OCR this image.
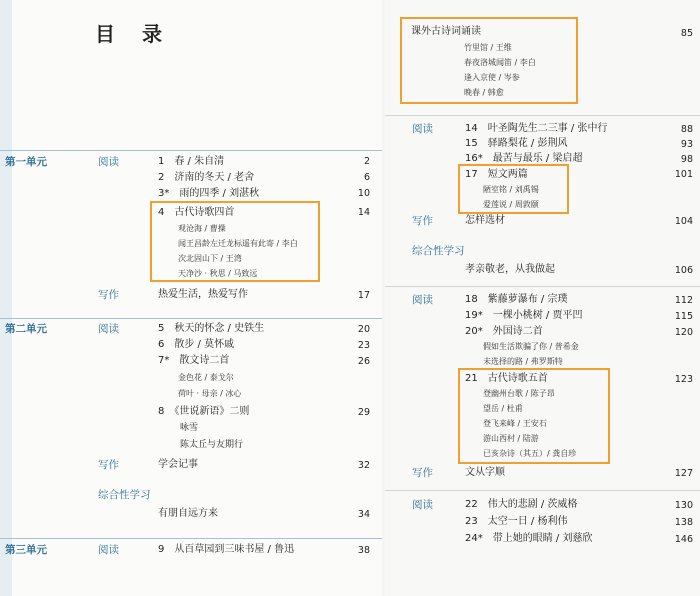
目 录
第一单元	阅读	1　春 / 朱自清	2
2　济南的冬天 / 老舍	6
3*　雨的四季 / 刘湛秋	10
4　古代诗歌四首	14
观沧海 / 曹操
闻王昌龄左迁龙标遥有此寄 / 李白
次北固山下 / 王湾
天净沙 · 秋思 / 马致远
写作	热爱生活，热爱写作	17
第二单元	阅读	5　秋天的怀念 / 史铁生	20
6　散步 / 莫怀戚	23
7*　散文诗二首	26
金色花 / 泰戈尔
荷叶 · 母亲 / 冰心
8　《世说新语》二则	29
咏雪
陈太丘与友期行
写作	学会记事	32
综合性学习
有朋自远方来	34
第三单元	阅读	9　从百草园到三味书屋 / 鲁迅	38
课外古诗词诵读	85
竹里馆 / 王维
春夜洛城闻笛 / 李白
逢入京使 / 岑参
晚春 / 韩愈
阅读	14　叶圣陶先生二三事 / 张中行	88
15　驿路梨花 / 彭荆风	93
16*　最苦与最乐 / 梁启超	98
17　短文两篇	101
陋室铭 / 刘禹锡
爱莲说 / 周敦颐
写作	怎样选材	104
综合性学习
孝亲敬老，从我做起	106
阅读	18　紫藤萝瀑布 / 宗璞	112
19*　一棵小桃树 / 贾平凹	115
20*　外国诗二首	120
假如生活欺骗了你 / 普希金
未选择的路 / 弗罗斯特
21　古代诗歌五首	123
登幽州台歌 / 陈子昂
望岳 / 杜甫
登飞来峰 / 王安石
游山西村 / 陆游
已亥杂诗（其五）/ 龚自珍
写作	文从字顺	127
阅读	22　伟大的悲剧 / 茨威格	130
23　太空一日 / 杨利伟	138
24*　带上她的眼睛 / 刘慈欣	146
